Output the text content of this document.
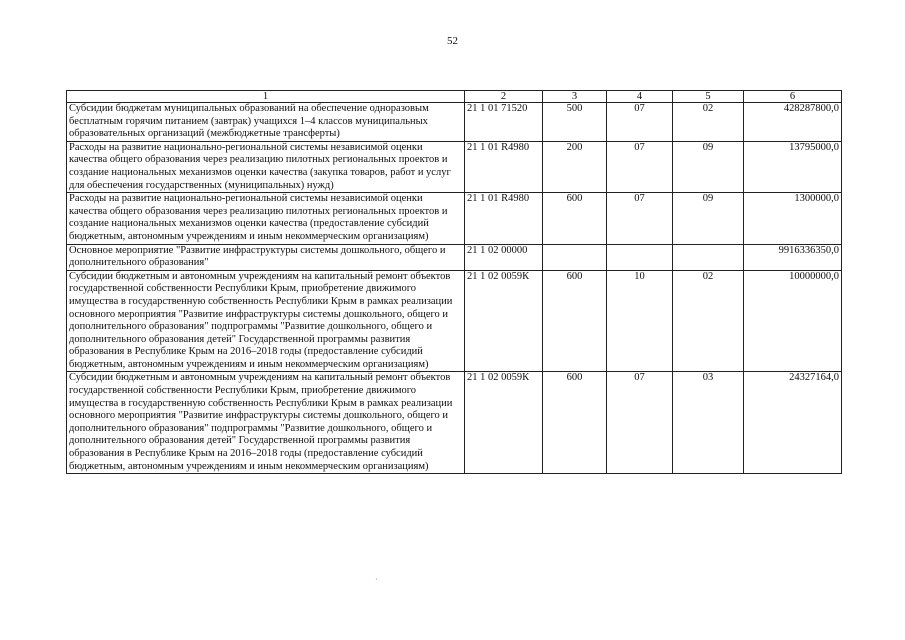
52
1	2	3	4	5	6
Субсидии бюджетам муниципальных образований на обеспечение одноразовым бесплатным горячим питанием (завтрак) учащихся 1–4 классов муниципальных образовательных организаций (межбюджетные трансферты)	21 1 01 71520	500	07	02	428287800,0
Расходы на развитие национально-региональной системы независимой оценки качества общего образования через реализацию пилотных региональных проектов и создание национальных механизмов оценки качества (закупка товаров, работ и услуг для обеспечения государственных (муниципальных) нужд)	21 1 01 R4980	200	07	09	13795000,0
Расходы на развитие национально-региональной системы независимой оценки качества общего образования через реализацию пилотных региональных проектов и создание национальных механизмов оценки качества (предоставление субсидий бюджетным, автономным учреждениям и иным некоммерческим организациям)	21 1 01 R4980	600	07	09	1300000,0
Основное мероприятие "Развитие инфраструктуры системы дошкольного, общего и дополнительного образования"	21 1 02 00000				9916336350,0
Субсидии бюджетным и автономным учреждениям на капитальный ремонт объектов государственной собственности Республики Крым, приобретение движимого имущества в государственную собственность Республики Крым в рамках реализации основного мероприятия "Развитие инфраструктуры системы дошкольного, общего и дополнительного образования" подпрограммы "Развитие дошкольного, общего и дополнительного образования детей" Государственной программы развития образования в Республике Крым на 2016–2018 годы (предоставление субсидий бюджетным, автономным учреждениям и иным некоммерческим организациям)	21 1 02 0059К	600	10	02	10000000,0
Субсидии бюджетным и автономным учреждениям на капитальный ремонт объектов государственной собственности Республики Крым, приобретение движимого имущества в государственную собственность Республики Крым в рамках реализации основного мероприятия "Развитие инфраструктуры системы дошкольного, общего и дополнительного образования" подпрограммы "Развитие дошкольного, общего и дополнительного образования детей" Государственной программы развития образования в Республике Крым на 2016–2018 годы (предоставление субсидий бюджетным, автономным учреждениям и иным некоммерческим организациям)	21 1 02 0059К	600	07	03	24327164,0
·
